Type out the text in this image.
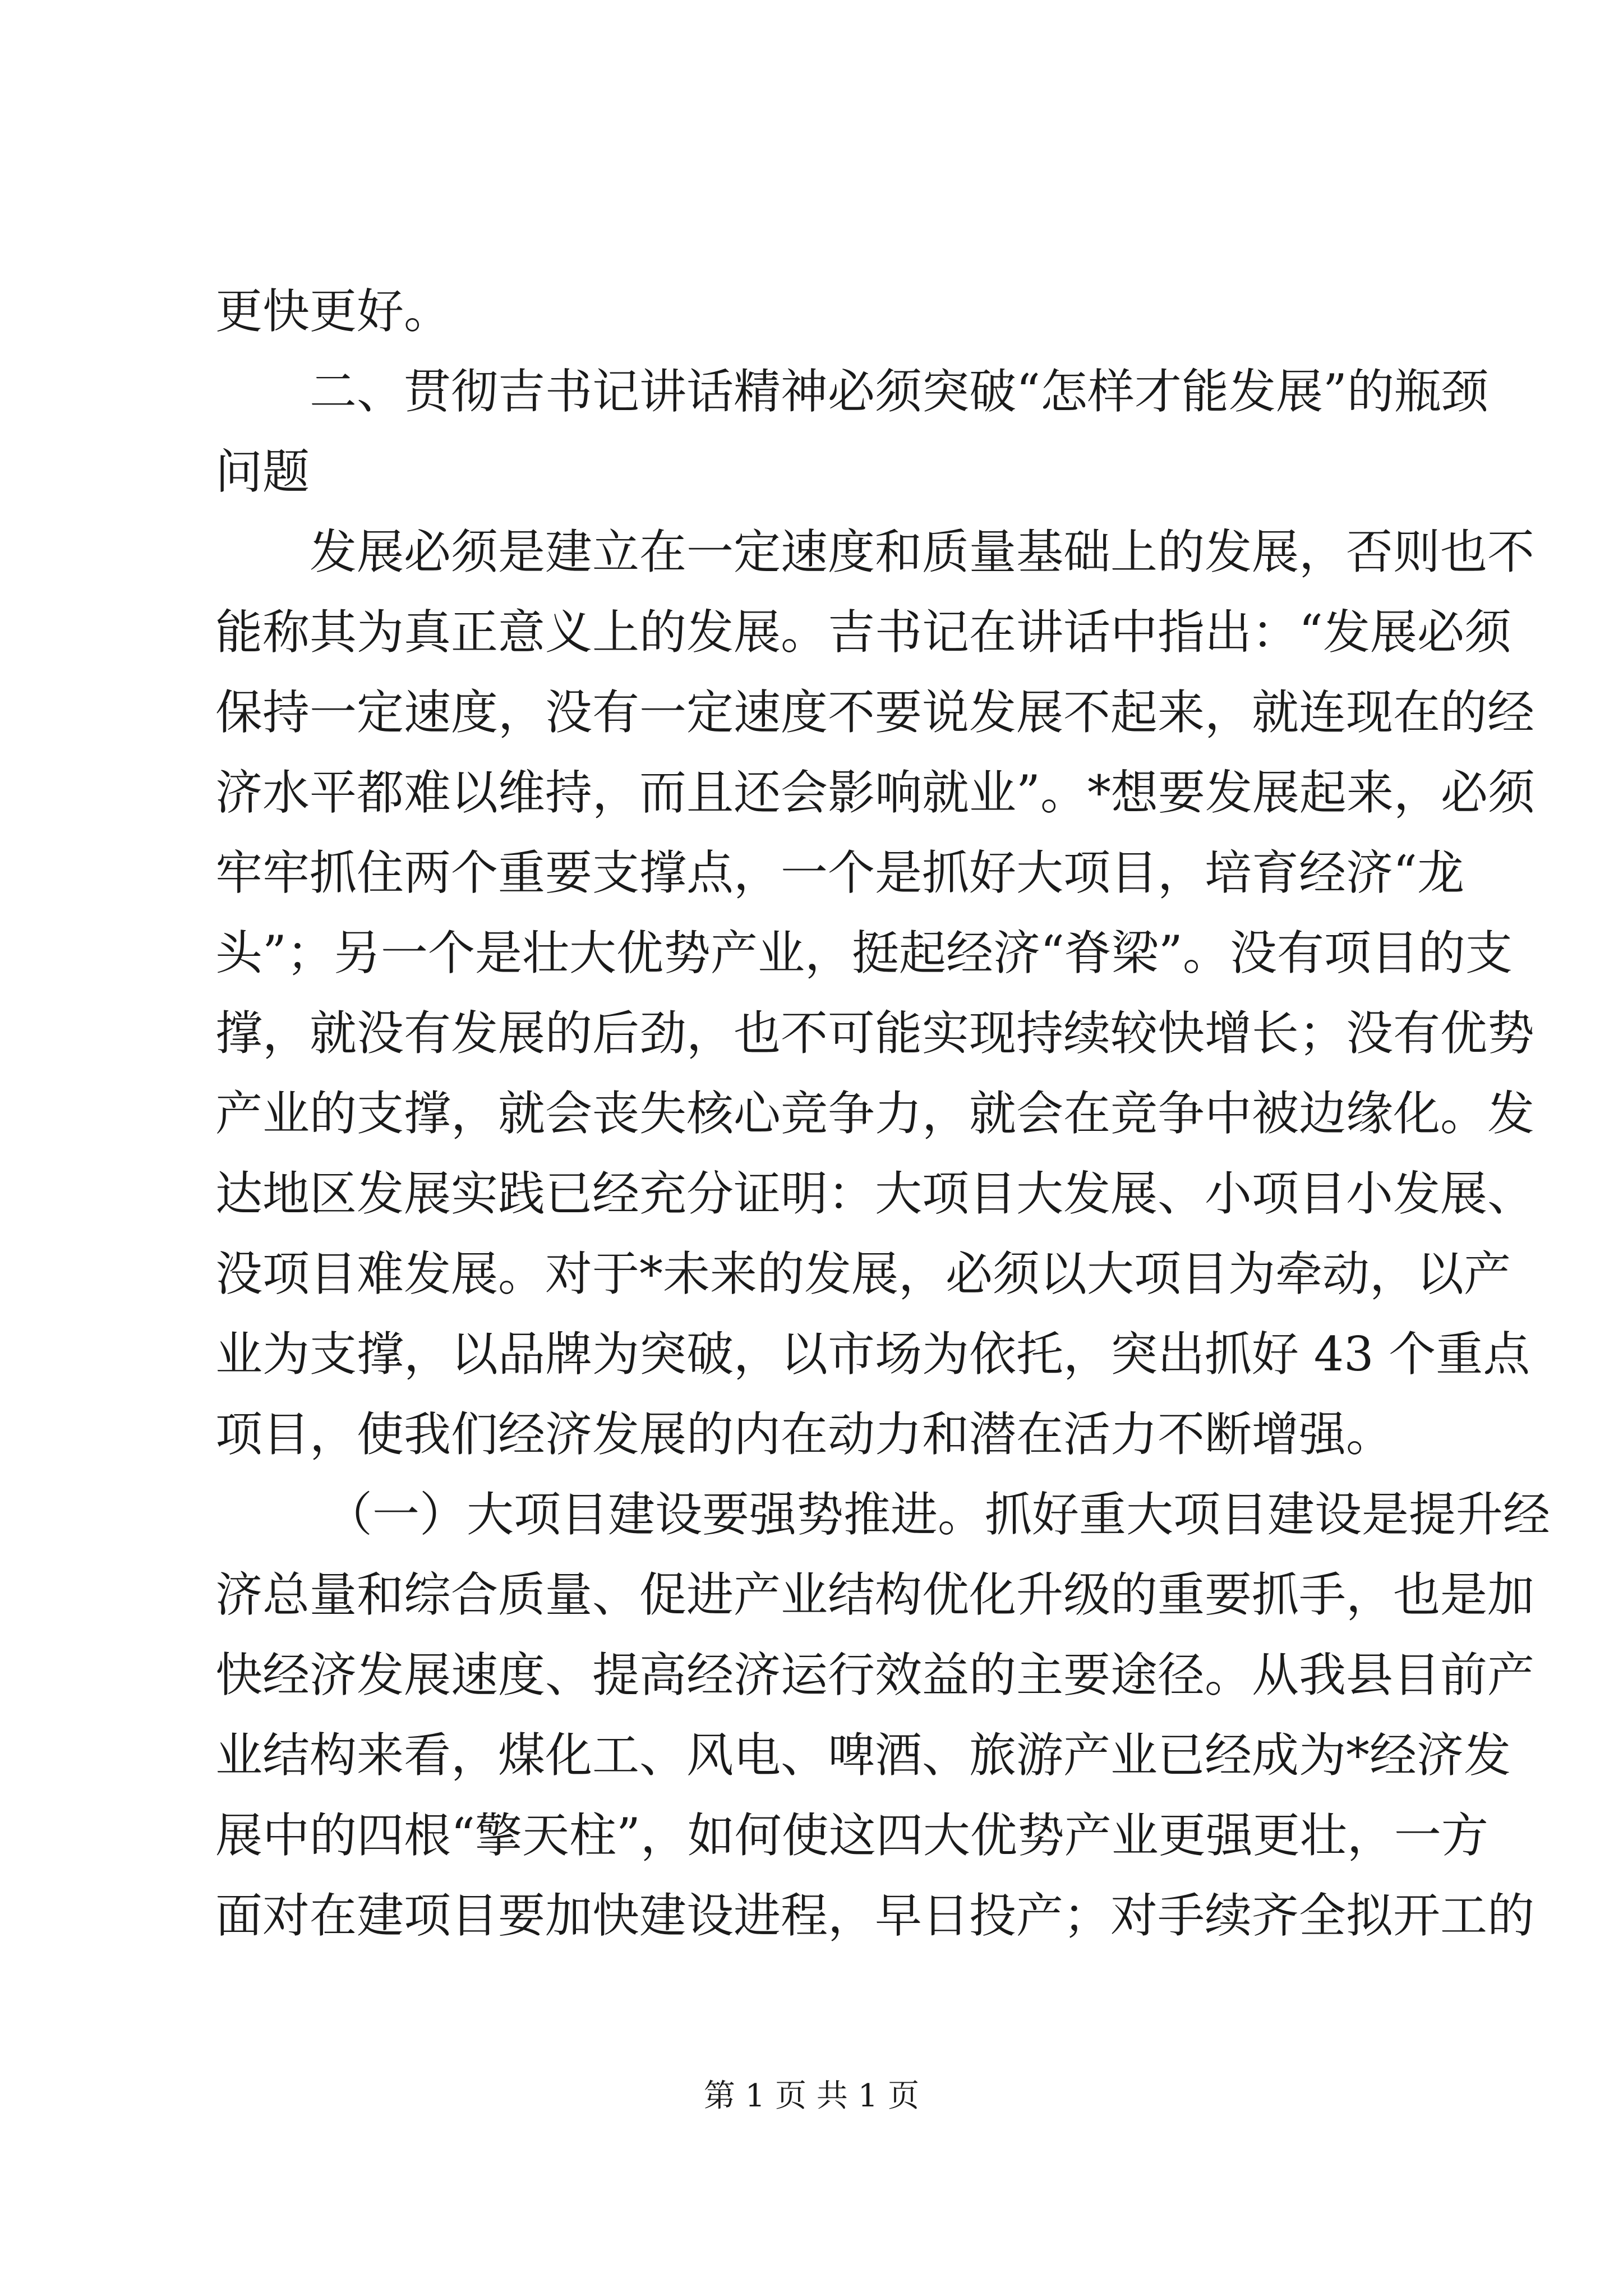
更快更好。
二、贯彻吉书记讲话精神必须突破“怎样才能发展”的瓶颈
问题
发展必须是建立在一定速度和质量基础上的发展，否则也不
能称其为真正意义上的发展。吉书记在讲话中指出：“发展必须
保持一定速度，没有一定速度不要说发展不起来，就连现在的经
济水平都难以维持，而且还会影响就业”。*想要发展起来，必须
牢牢抓住两个重要支撑点，一个是抓好大项目，培育经济“龙
头”；另一个是壮大优势产业，挺起经济“脊梁”。没有项目的支
撑，就没有发展的后劲，也不可能实现持续较快增长；没有优势
产业的支撑，就会丧失核心竞争力，就会在竞争中被边缘化。发
达地区发展实践已经充分证明：大项目大发展、小项目小发展、
没项目难发展。对于*未来的发展，必须以大项目为牵动，以产
业为支撑，以品牌为突破，以市场为依托，突出抓好 43 个重点
项目，使我们经济发展的内在动力和潜在活力不断增强。
（一）大项目建设要强势推进。抓好重大项目建设是提升经
济总量和综合质量、促进产业结构优化升级的重要抓手，也是加
快经济发展速度、提高经济运行效益的主要途径。从我县目前产
业结构来看，煤化工、风电、啤酒、旅游产业已经成为*经济发
展中的四根“擎天柱”，如何使这四大优势产业更强更壮，一方
面对在建项目要加快建设进程，早日投产；对手续齐全拟开工的
第 1 页 共 1 页
